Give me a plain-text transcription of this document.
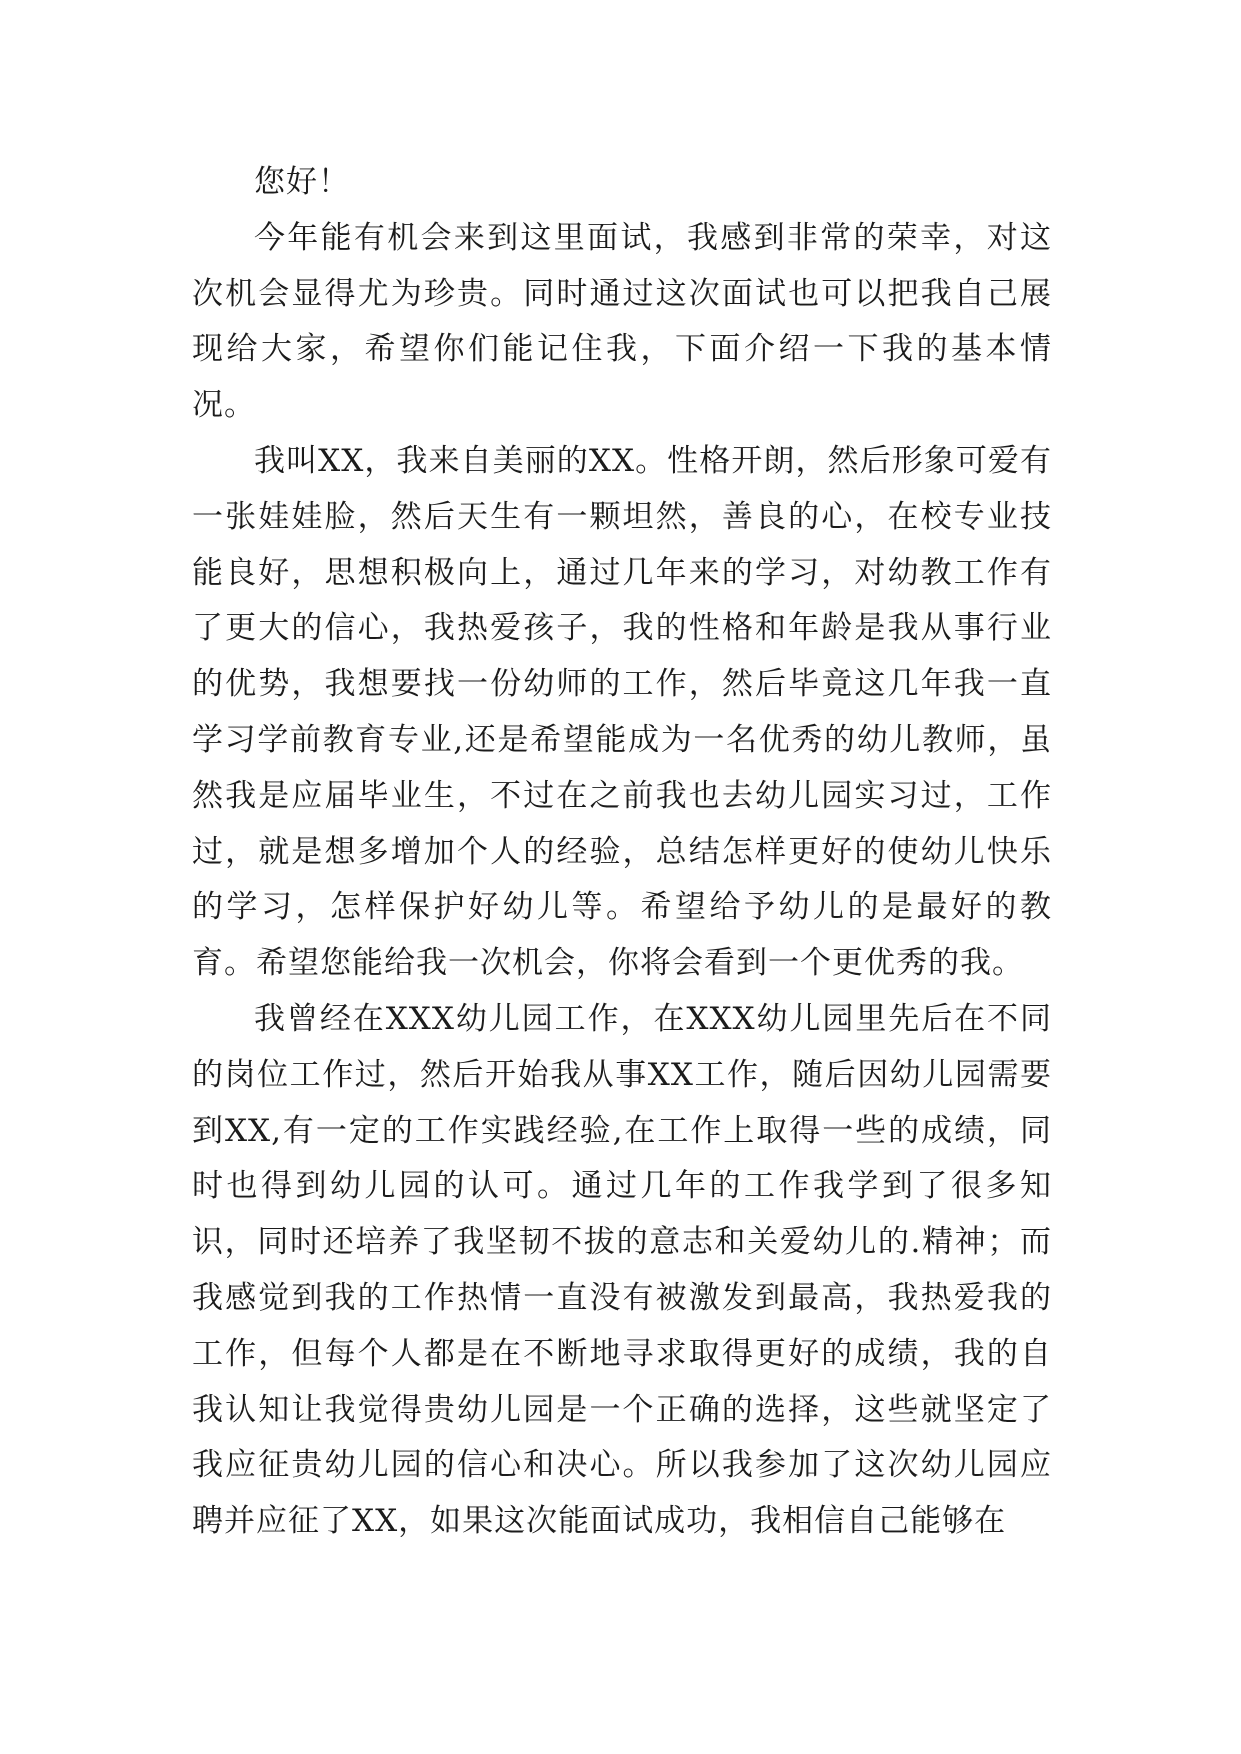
您好！

今年能有机会来到这里面试，我感到非常的荣幸，对这次机会显得尤为珍贵。同时通过这次面试也可以把我自己展现给大家，希望你们能记住我，下面介绍一下我的基本情况。

我叫XX，我来自美丽的XX。性格开朗，然后形象可爱有一张娃娃脸，然后天生有一颗坦然，善良的心，在校专业技能良好，思想积极向上，通过几年来的学习，对幼教工作有了更大的信心，我热爱孩子，我的性格和年龄是我从事行业的优势，我想要找一份幼师的工作，然后毕竟这几年我一直学习学前教育专业,还是希望能成为一名优秀的幼儿教师，虽然我是应届毕业生，不过在之前我也去幼儿园实习过，工作过，就是想多增加个人的经验，总结怎样更好的使幼儿快乐的学习，怎样保护好幼儿等。希望给予幼儿的是最好的教育。希望您能给我一次机会，你将会看到一个更优秀的我。

我曾经在XXX幼儿园工作，在XXX幼儿园里先后在不同的岗位工作过，然后开始我从事XX工作，随后因幼儿园需要到XX,有一定的工作实践经验,在工作上取得一些的成绩，同时也得到幼儿园的认可。通过几年的工作我学到了很多知识，同时还培养了我坚韧不拔的意志和关爱幼儿的.精神；而我感觉到我的工作热情一直没有被激发到最高，我热爱我的工作，但每个人都是在不断地寻求取得更好的成绩，我的自我认知让我觉得贵幼儿园是一个正确的选择，这些就坚定了我应征贵幼儿园的信心和决心。所以我参加了这次幼儿园应聘并应征了XX，如果这次能面试成功，我相信自己能够在
